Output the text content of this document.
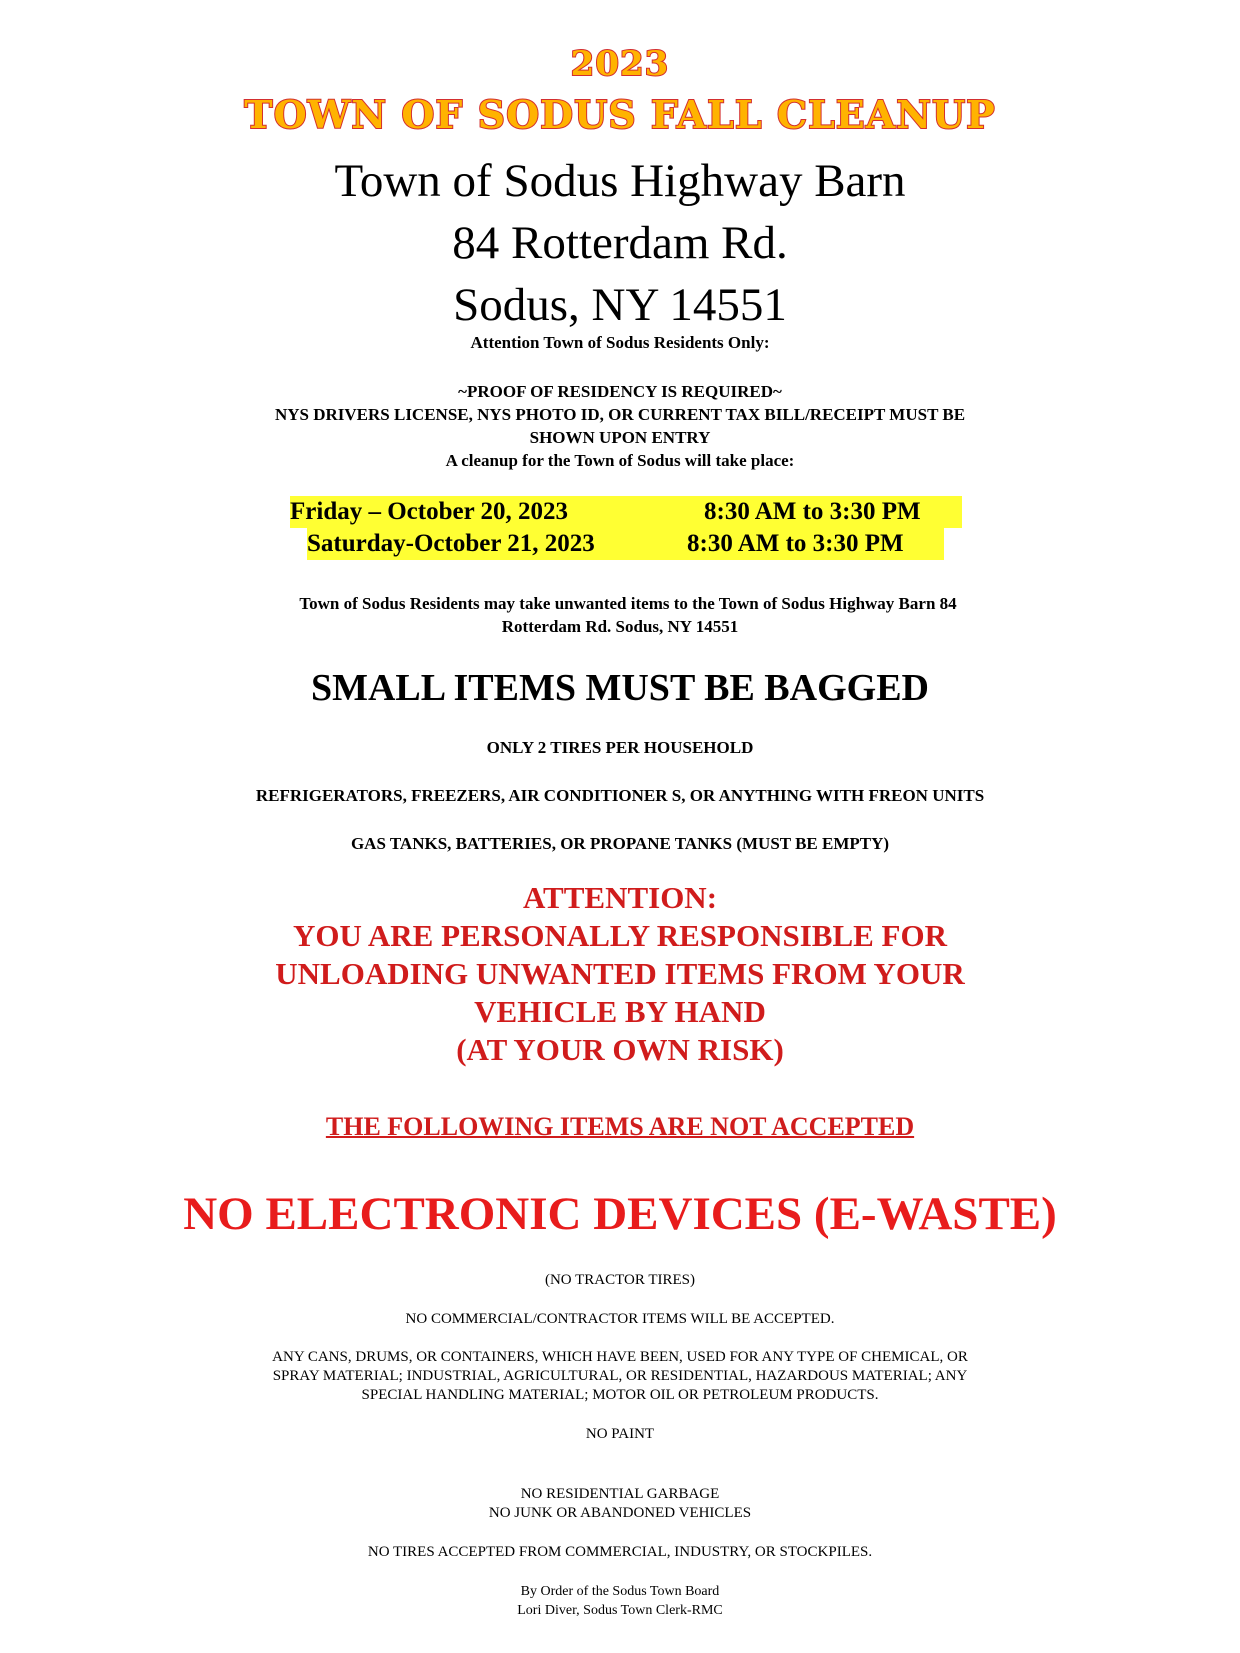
2023
TOWN OF SODUS FALL CLEANUP
Town of Sodus Highway Barn
84 Rotterdam Rd.
Sodus, NY 14551
Attention Town of Sodus Residents Only:
~PROOF OF RESIDENCY IS REQUIRED~
NYS DRIVERS LICENSE, NYS PHOTO ID, OR CURRENT TAX BILL/RECEIPT MUST BE
SHOWN UPON ENTRY
A cleanup for the Town of Sodus will take place:
Friday – October 20, 2023	8:30 AM to 3:30 PM
Saturday-October 21, 2023	8:30 AM to 3:30 PM
Town of Sodus Residents may take unwanted items to the Town of Sodus Highway Barn 84
Rotterdam Rd. Sodus, NY 14551
SMALL ITEMS MUST BE BAGGED
ONLY 2 TIRES PER HOUSEHOLD
REFRIGERATORS, FREEZERS, AIR CONDITIONER S, OR ANYTHING WITH FREON UNITS
GAS TANKS, BATTERIES, OR PROPANE TANKS (MUST BE EMPTY)
ATTENTION:
YOU ARE PERSONALLY RESPONSIBLE FOR
UNLOADING UNWANTED ITEMS FROM YOUR
VEHICLE BY HAND
(AT YOUR OWN RISK)
THE FOLLOWING ITEMS ARE NOT ACCEPTED
NO ELECTRONIC DEVICES (E-WASTE)
(NO TRACTOR TIRES)
NO COMMERCIAL/CONTRACTOR ITEMS WILL BE ACCEPTED.
ANY CANS, DRUMS, OR CONTAINERS, WHICH HAVE BEEN, USED FOR ANY TYPE OF CHEMICAL, OR
SPRAY MATERIAL; INDUSTRIAL, AGRICULTURAL, OR RESIDENTIAL, HAZARDOUS MATERIAL; ANY
SPECIAL HANDLING MATERIAL; MOTOR OIL OR PETROLEUM PRODUCTS.
NO PAINT
NO RESIDENTIAL GARBAGE
NO JUNK OR ABANDONED VEHICLES
NO TIRES ACCEPTED FROM COMMERCIAL, INDUSTRY, OR STOCKPILES.
By Order of the Sodus Town Board
Lori Diver, Sodus Town Clerk-RMC
